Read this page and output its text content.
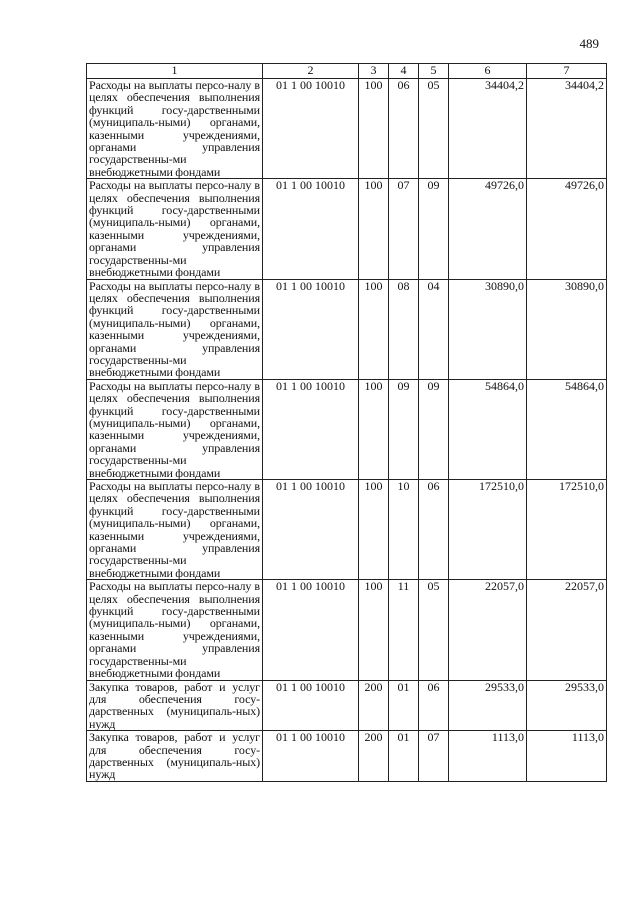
489
1	2	3	4	5	6	7
Расходы на выплаты персо-налу в целях обеспечения выполнения функций госу-дарственными (муниципаль-ными) органами, казенными учреждениями, органами управления государственны-ми внебюджетными фондами	01 1 00 10010	100	06	05	34404,2	34404,2
Расходы на выплаты персо-налу в целях обеспечения выполнения функций госу-дарственными (муниципаль-ными) органами, казенными учреждениями, органами управления государственны-ми внебюджетными фондами	01 1 00 10010	100	07	09	49726,0	49726,0
Расходы на выплаты персо-налу в целях обеспечения выполнения функций госу-дарственными (муниципаль-ными) органами, казенными учреждениями, органами управления государственны-ми внебюджетными фондами	01 1 00 10010	100	08	04	30890,0	30890,0
Расходы на выплаты персо-налу в целях обеспечения выполнения функций госу-дарственными (муниципаль-ными) органами, казенными учреждениями, органами управления государственны-ми внебюджетными фондами	01 1 00 10010	100	09	09	54864,0	54864,0
Расходы на выплаты персо-налу в целях обеспечения выполнения функций госу-дарственными (муниципаль-ными) органами, казенными учреждениями, органами управления государственны-ми внебюджетными фондами	01 1 00 10010	100	10	06	172510,0	172510,0
Расходы на выплаты персо-налу в целях обеспечения выполнения функций госу-дарственными (муниципаль-ными) органами, казенными учреждениями, органами управления государственны-ми внебюджетными фондами	01 1 00 10010	100	11	05	22057,0	22057,0
Закупка товаров, работ и услуг для обеспечения госу-дарственных (муниципаль-ных) нужд	01 1 00 10010	200	01	06	29533,0	29533,0
Закупка товаров, работ и услуг для обеспечения госу-дарственных (муниципаль-ных) нужд	01 1 00 10010	200	01	07	1113,0	1113,0
